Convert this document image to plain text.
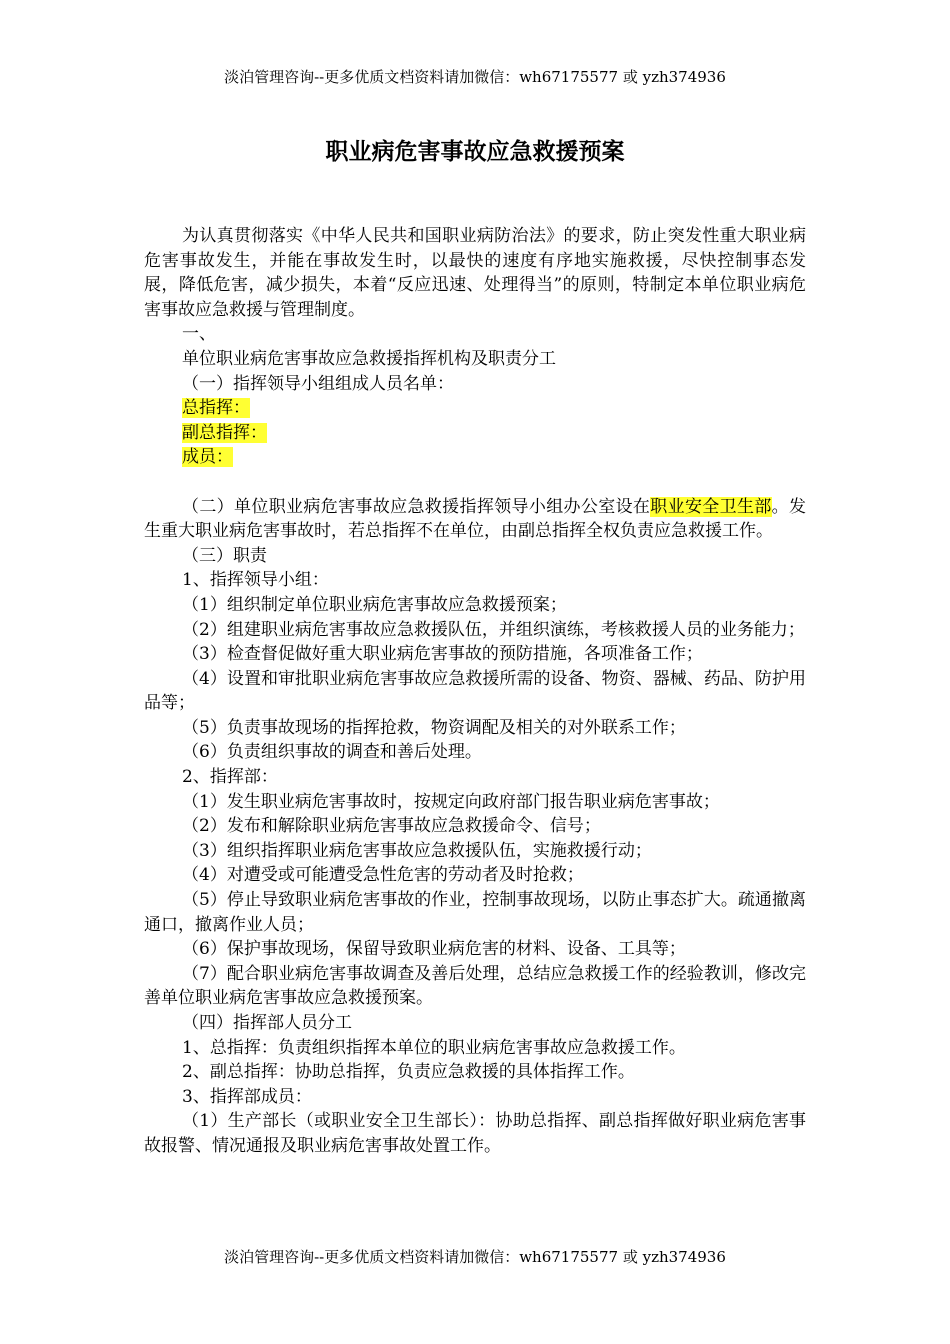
淡泊管理咨询--更多优质文档资料请加微信：wh67175577 或 yzh374936
职业病危害事故应急救援预案

为认真贯彻落实《中华人民共和国职业病防治法》的要求，防止突发性重大职业病危害事故发生，并能在事故发生时，以最快的速度有序地实施救援，尽快控制事态发展，降低危害，减少损失，本着“反应迅速、处理得当”的原则，特制定本单位职业病危害事故应急救援与管理制度。

一、

单位职业病危害事故应急救援指挥机构及职责分工

（一）指挥领导小组组成人员名单：

总指挥：

副总指挥：

成员：

（二）单位职业病危害事故应急救援指挥领导小组办公室设在职业安全卫生部。发生重大职业病危害事故时，若总指挥不在单位，由副总指挥全权负责应急救援工作。

（三）职责

1、指挥领导小组：

（1）组织制定单位职业病危害事故应急救援预案；

（2）组建职业病危害事故应急救援队伍，并组织演练，考核救援人员的业务能力；

（3）检查督促做好重大职业病危害事故的预防措施，各项准备工作；

（4）设置和审批职业病危害事故应急救援所需的设备、物资、器械、药品、防护用品等；

（5）负责事故现场的指挥抢救，物资调配及相关的对外联系工作；

（6）负责组织事故的调查和善后处理。

2、指挥部：

（1）发生职业病危害事故时，按规定向政府部门报告职业病危害事故；

（2）发布和解除职业病危害事故应急救援命令、信号；

（3）组织指挥职业病危害事故应急救援队伍，实施救援行动；

（4）对遭受或可能遭受急性危害的劳动者及时抢救；

（5）停止导致职业病危害事故的作业，控制事故现场，以防止事态扩大。疏通撤离通口，撤离作业人员；

（6）保护事故现场，保留导致职业病危害的材料、设备、工具等；

（7）配合职业病危害事故调查及善后处理，总结应急救援工作的经验教训，修改完善单位职业病危害事故应急救援预案。

（四）指挥部人员分工

1、总指挥：负责组织指挥本单位的职业病危害事故应急救援工作。

2、副总指挥：协助总指挥，负责应急救援的具体指挥工作。

3、指挥部成员：

（1）生产部长（或职业安全卫生部长）：协助总指挥、副总指挥做好职业病危害事故报警、情况通报及职业病危害事故处置工作。

淡泊管理咨询--更多优质文档资料请加微信：wh67175577 或 yzh374936
